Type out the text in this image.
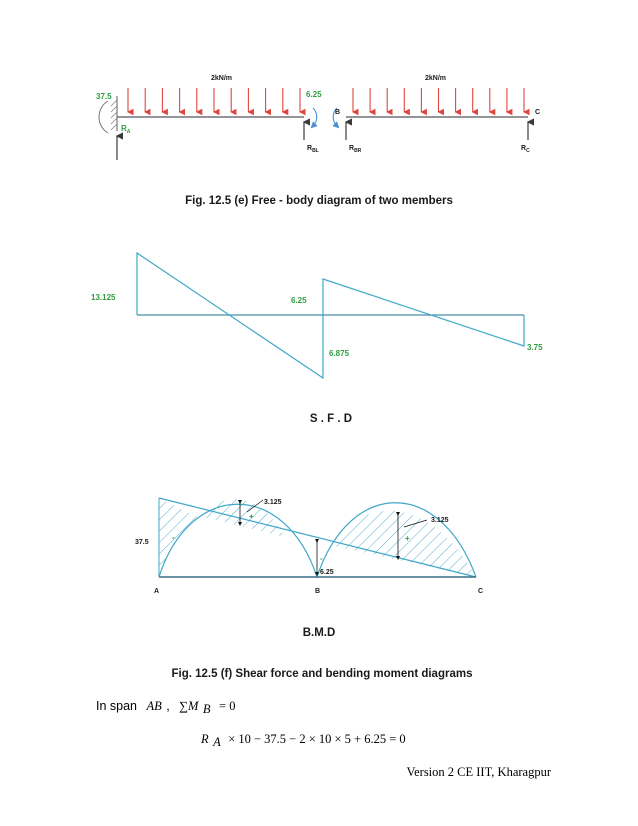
2kN/m	2kN/m
37.5	6.25
B	C
$R_A$
$R_{BL}$	$R_{BR}$	$R_C$
Fig. 12.5 (e) Free - body diagram of two members
13.125	6.25
6.875
3.75
S . F . D
3.125
3.125
37.5
6.25
+
+
-
-
A	B	C
B.M.D
Fig. 12.5 (f) Shear force and bending moment diagrams
In span AB , ∑M B = 0
R A × 10 − 37.5 − 2 × 10 × 5 + 6.25 = 0
Version 2 CE IIT, Kharagpur
